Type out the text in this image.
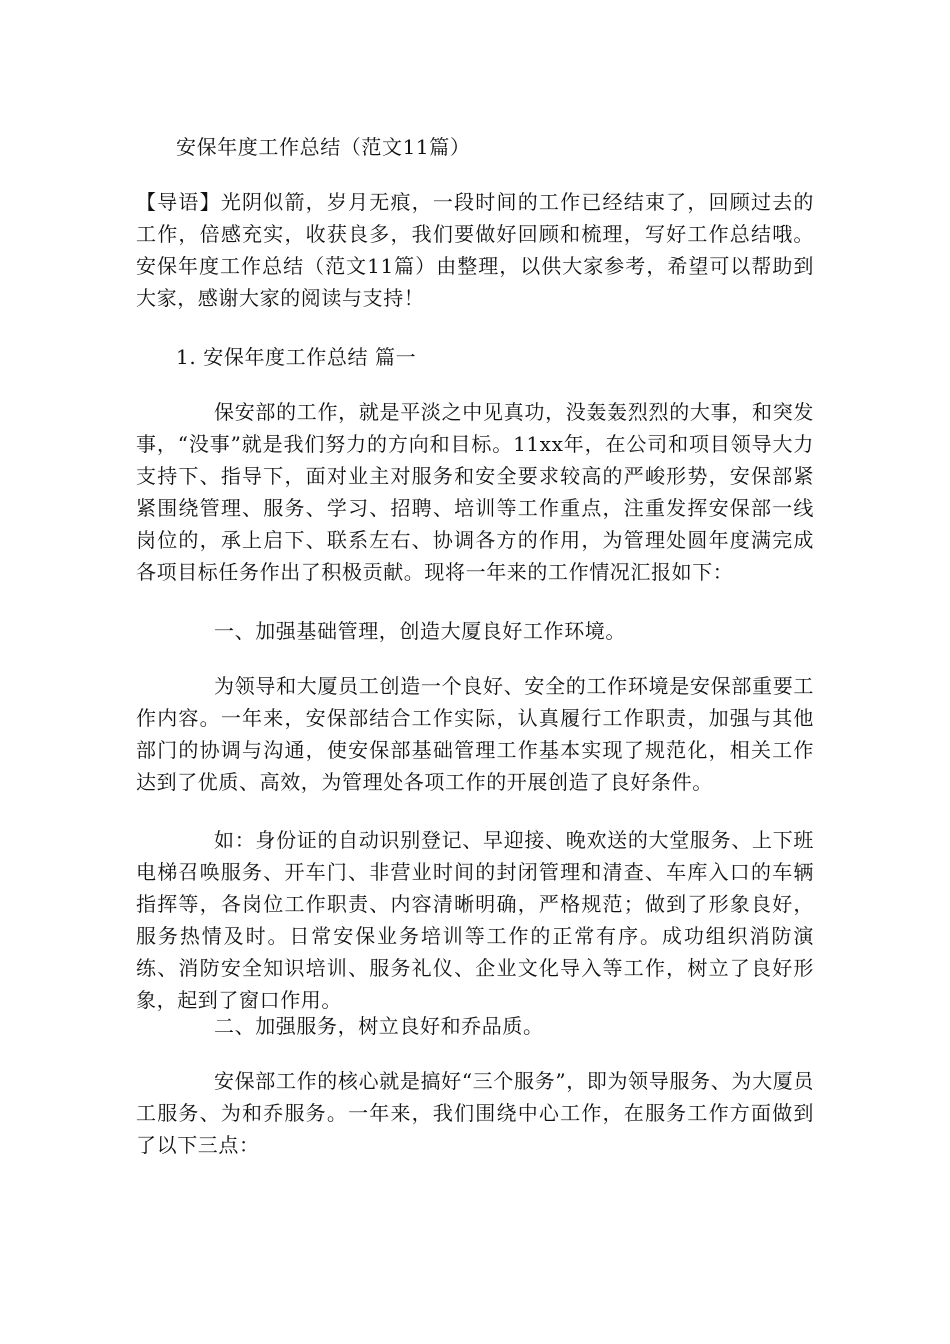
安保年度工作总结（范文11篇）

【导语】光阴似箭，岁月无痕，一段时间的工作已经结束了，回顾过去的工作，倍感充实，收获良多，我们要做好回顾和梳理，写好工作总结哦。安保年度工作总结（范文11篇）由整理，以供大家参考，希望可以帮助到大家，感谢大家的阅读与支持！

1. 安保年度工作总结 篇一

保安部的工作，就是平淡之中见真功，没轰轰烈烈的大事，和突发事，“没事”就是我们努力的方向和目标。11xx年，在公司和项目领导大力支持下、指导下，面对业主对服务和安全要求较高的严峻形势，安保部紧紧围绕管理、服务、学习、招聘、培训等工作重点，注重发挥安保部一线岗位的，承上启下、联系左右、协调各方的作用，为管理处圆年度满完成各项目标任务作出了积极贡献。现将一年来的工作情况汇报如下：

一、加强基础管理，创造大厦良好工作环境。

为领导和大厦员工创造一个良好、安全的工作环境是安保部重要工作内容。一年来，安保部结合工作实际，认真履行工作职责，加强与其他部门的协调与沟通，使安保部基础管理工作基本实现了规范化，相关工作达到了优质、高效，为管理处各项工作的开展创造了良好条件。

如：身份证的自动识别登记、早迎接、晚欢送的大堂服务、上下班电梯召唤服务、开车门、非营业时间的封闭管理和清查、车库入口的车辆指挥等，各岗位工作职责、内容清晰明确，严格规范；做到了形象良好，服务热情及时。日常安保业务培训等工作的正常有序。成功组织消防演练、消防安全知识培训、服务礼仪、企业文化导入等工作，树立了良好形象，起到了窗口作用。

二、加强服务，树立良好和乔品质。

安保部工作的核心就是搞好“三个服务”，即为领导服务、为大厦员工服务、为和乔服务。一年来，我们围绕中心工作，在服务工作方面做到了以下三点：
